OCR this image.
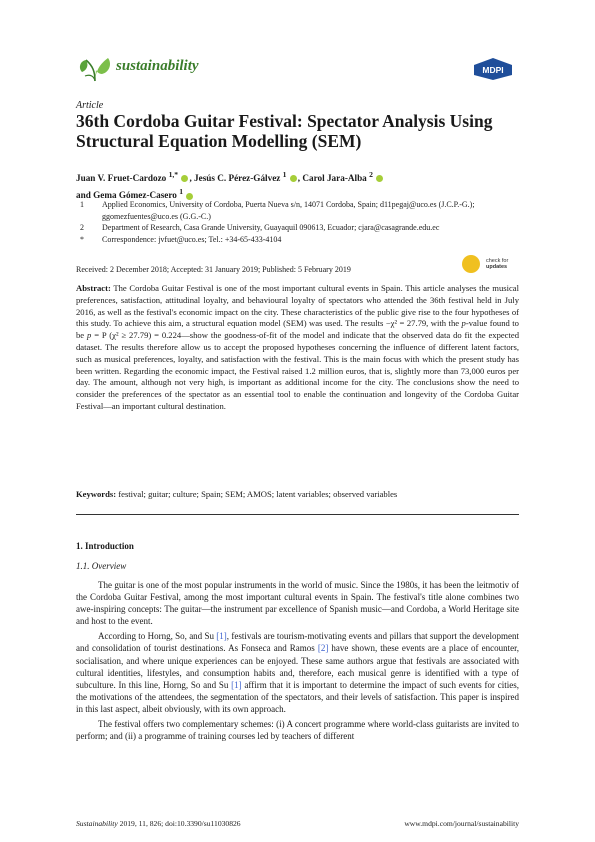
sustainability	MDPI
Article
36th Cordoba Guitar Festival: Spectator Analysis Using Structural Equation Modelling (SEM)
Juan V. Fruet-Cardozo $^{1,*}$ , Jesús C. Pérez-Gálvez $^1$ , Carol Jara-Alba $^2$
and Gema Gómez-Casero $^1$
1	Applied Economics, University of Cordoba, Puerta Nueva s/n, 14071 Cordoba, Spain; d11pegaj@uco.es (J.C.P.-G.); ggomezfuentes@uco.es (G.G.-C.)
2	Department of Research, Casa Grande University, Guayaquil 090613, Ecuador; cjara@casagrande.edu.ec
*	Correspondence: jvfuet@uco.es; Tel.: +34-65-433-4104
Received: 2 December 2018; Accepted: 31 January 2019; Published: 5 February 2019
check for
updates
Abstract: The Cordoba Guitar Festival is one of the most important cultural events in Spain. This article analyses the musical preferences, satisfaction, attitudinal loyalty, and behavioural loyalty of spectators who attended the 36th festival held in July 2016, as well as the festival's economic impact on the city. These characteristics of the public give rise to the four hypotheses of this study. To achieve this aim, a structural equation model (SEM) was used. The results −χ² = 27.79, with the p-value found to be p = P (χ² ≥ 27.79) = 0.224—show the goodness-of-fit of the model and indicate that the observed data do fit the expected dataset. The results therefore allow us to accept the proposed hypotheses concerning the influence of different latent factors, such as musical preferences, loyalty, and satisfaction with the festival. This is the main focus with which the present study has been written. Regarding the economic impact, the Festival raised 1.2 million euros, that is, slightly more than 73,000 euros per day. The amount, although not very high, is important as additional income for the city. The conclusions show the need to consider the preferences of the spectator as an essential tool to enable the continuation and longevity of the Cordoba Guitar Festival—an important cultural destination.
Keywords: festival; guitar; culture; Spain; SEM; AMOS; latent variables; observed variables
1. Introduction
1.1. Overview

The guitar is one of the most popular instruments in the world of music. Since the 1980s, it has been the leitmotiv of the Cordoba Guitar Festival, among the most important cultural events in Spain. The festival's title alone combines two awe-inspiring concepts: The guitar—the instrument par excellence of Spanish music—and Cordoba, a World Heritage site and host to the event.

According to Horng, So, and Su [1], festivals are tourism-motivating events and pillars that support the development and consolidation of tourist destinations. As Fonseca and Ramos [2] have shown, these events are a place of encounter, socialisation, and where unique experiences can be enjoyed. These same authors argue that festivals are associated with cultural identities, lifestyles, and consumption habits and, therefore, each musical genre is identified with a type of subculture. In this line, Horng, So and Su [1] affirm that it is important to determine the impact of such events for cities, the motivations of the attendees, the segmentation of the spectators, and their levels of satisfaction. This paper is inspired in this last aspect, albeit obviously, with its own approach.

The festival offers two complementary schemes: (i) A concert programme where world-class guitarists are invited to perform; and (ii) a programme of training courses led by teachers of different

Sustainability 2019, 11, 826; doi:10.3390/su11030826	www.mdpi.com/journal/sustainability
